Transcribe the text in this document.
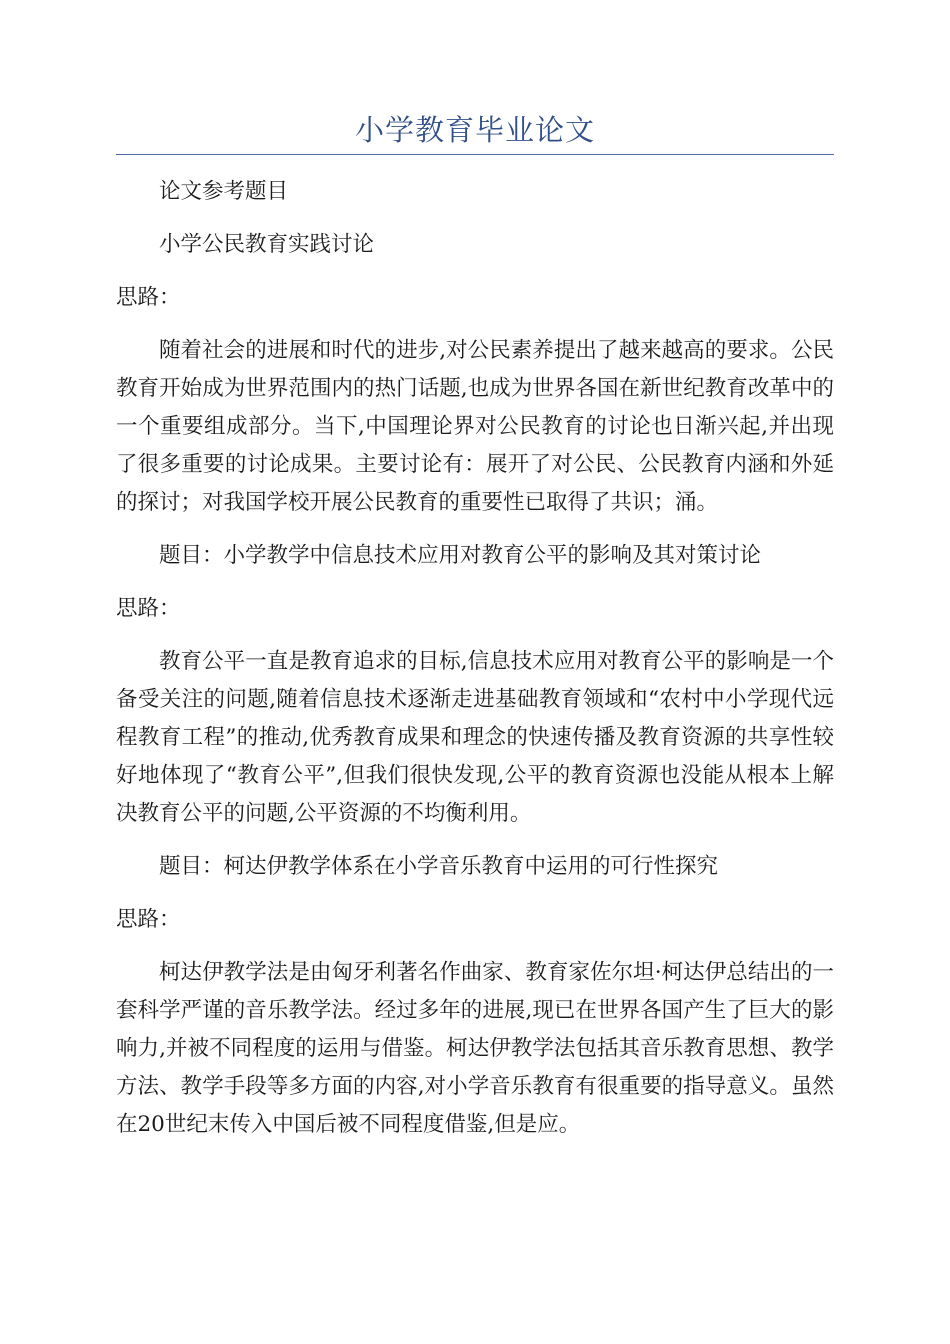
小学教育毕业论文

论文参考题目

小学公民教育实践讨论

思路：

随着社会的进展和时代的进步,对公民素养提出了越来越高的要求。公民教育开始成为世界范围内的热门话题,也成为世界各国在新世纪教育改革中的一个重要组成部分。当下,中国理论界对公民教育的讨论也日渐兴起,并出现了很多重要的讨论成果。主要讨论有：展开了对公民、公民教育内涵和外延的探讨；对我国学校开展公民教育的重要性已取得了共识；涌。

题目：小学教学中信息技术应用对教育公平的影响及其对策讨论

思路：

教育公平一直是教育追求的目标,信息技术应用对教育公平的影响是一个备受关注的问题,随着信息技术逐渐走进基础教育领域和“农村中小学现代远程教育工程”的推动,优秀教育成果和理念的快速传播及教育资源的共享性较好地体现了“教育公平”,但我们很快发现,公平的教育资源也没能从根本上解决教育公平的问题,公平资源的不均衡利用。

题目：柯达伊教学体系在小学音乐教育中运用的可行性探究

思路：

柯达伊教学法是由匈牙利著名作曲家、教育家佐尔坦·柯达伊总结出的一套科学严谨的音乐教学法。经过多年的进展,现已在世界各国产生了巨大的影响力,并被不同程度的运用与借鉴。柯达伊教学法包括其音乐教育思想、教学方法、教学手段等多方面的内容,对小学音乐教育有很重要的指导意义。虽然在20世纪末传入中国后被不同程度借鉴,但是应。
